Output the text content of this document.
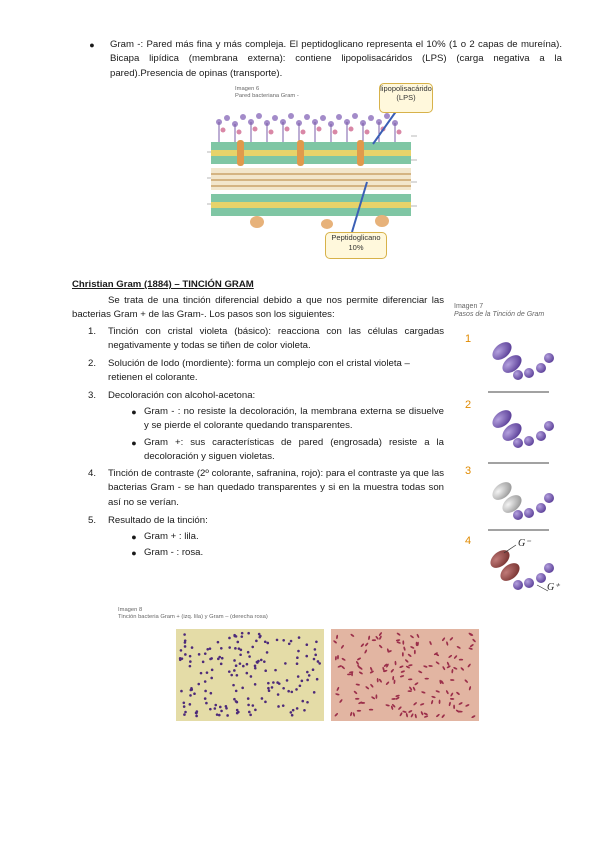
●	Gram -: Pared más fina y más compleja. El peptidoglicano representa el 10% (1 o 2 capas de mureína). Bicapa lipídica (membrana externa): contiene lipopolisacáridos (LPS) (carga negativa a la pared).Presencia de opinas (transporte).
Imagen 6
Pared bacteriana Gram -
lipopolisacárido (LPS)
Peptidoglicano 10%
Christian Gram (1884) – TINCIÓN GRAM
Se trata de una tinción diferencial debido a que nos permite diferenciar las bacterias Gram + de las Gram-. Los pasos son los siguientes:
1. Tinción con cristal violeta (básico): reacciona con las células cargadas negativamente y todas se tiñen de color violeta.
2. Solución de Iodo (mordiente): forma un complejo con el cristal violeta – retienen el colorante.
3. Decoloración con alcohol-acetona:
● Gram - : no resiste la decoloración, la membrana externa se disuelve y se pierde el colorante quedando transparentes.
● Gram +: sus características de pared (engrosada) resiste a la decoloración y siguen violetas.
4. Tinción de contraste (2º colorante, safranina, rojo): para el contraste ya que las bacterias Gram - se han quedado transparentes y si en la muestra todas son así no se verían.
5. Resultado de la tinción:
● Gram + : lila.
● Gram - : rosa.
Imagen 7
Pasos de la Tinción de Gram
1
2
3
4	G⁻
G⁺
Imagen 8
Tinción bacteria Gram + (izq. lila) y Gram – (derecha rosa)
